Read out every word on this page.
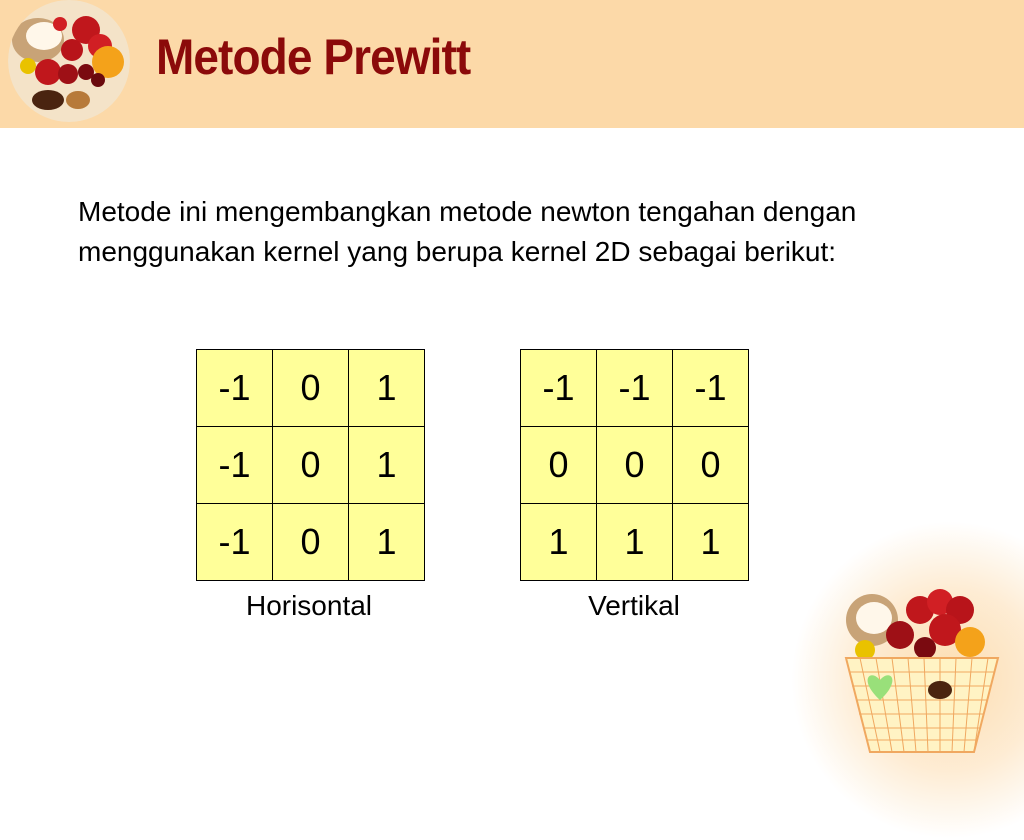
Metode Prewitt
Metode ini mengembangkan metode newton tengahan dengan menggunakan kernel yang berupa kernel 2D sebagai berikut:
-1	0	1
-1	0	1
-1	0	1
Horisontal
-1	-1	-1
0	0	0
1	1	1
Vertikal
